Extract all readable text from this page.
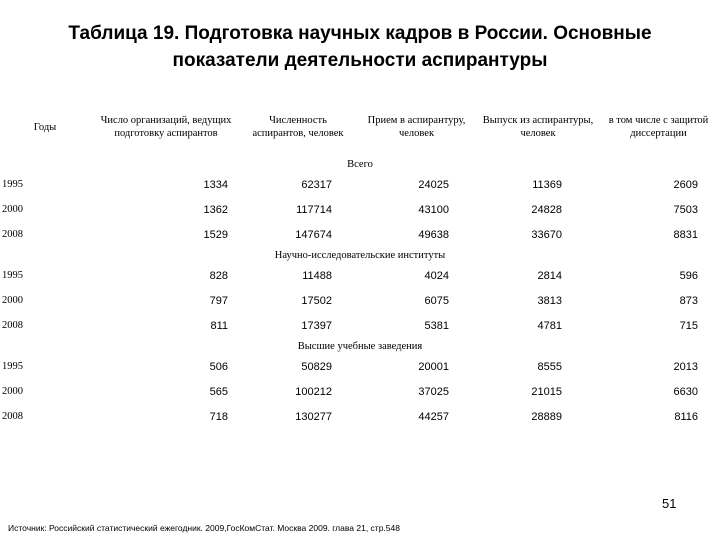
Таблица 19. Подготовка научных кадров в России. Основные показатели деятельности аспирантуры
Годы	Число организаций, ведущих подготовку аспирантов	Численность аспирантов, человек	Прием в аспирантуру, человек	Выпуск из аспирантуры, человек	в том числе с защитой диссертации
Всего					
1995	1334	62317	24025	11369	2609
2000	1362	117714	43100	24828	7503
2008	1529	147674	49638	33670	8831
Научно-исследовательские институты					
1995	828	11488	4024	2814	596
2000	797	17502	6075	3813	873
2008	811	17397	5381	4781	715
Высшие учебные заведения					
1995	506	50829	20001	8555	2013
2000	565	100212	37025	21015	6630
2008	718	130277	44257	28889	8116
51
Источник: Российский статистический ежегодник. 2009,ГосКомСтат. Москва 2009. глава 21, стр.548
